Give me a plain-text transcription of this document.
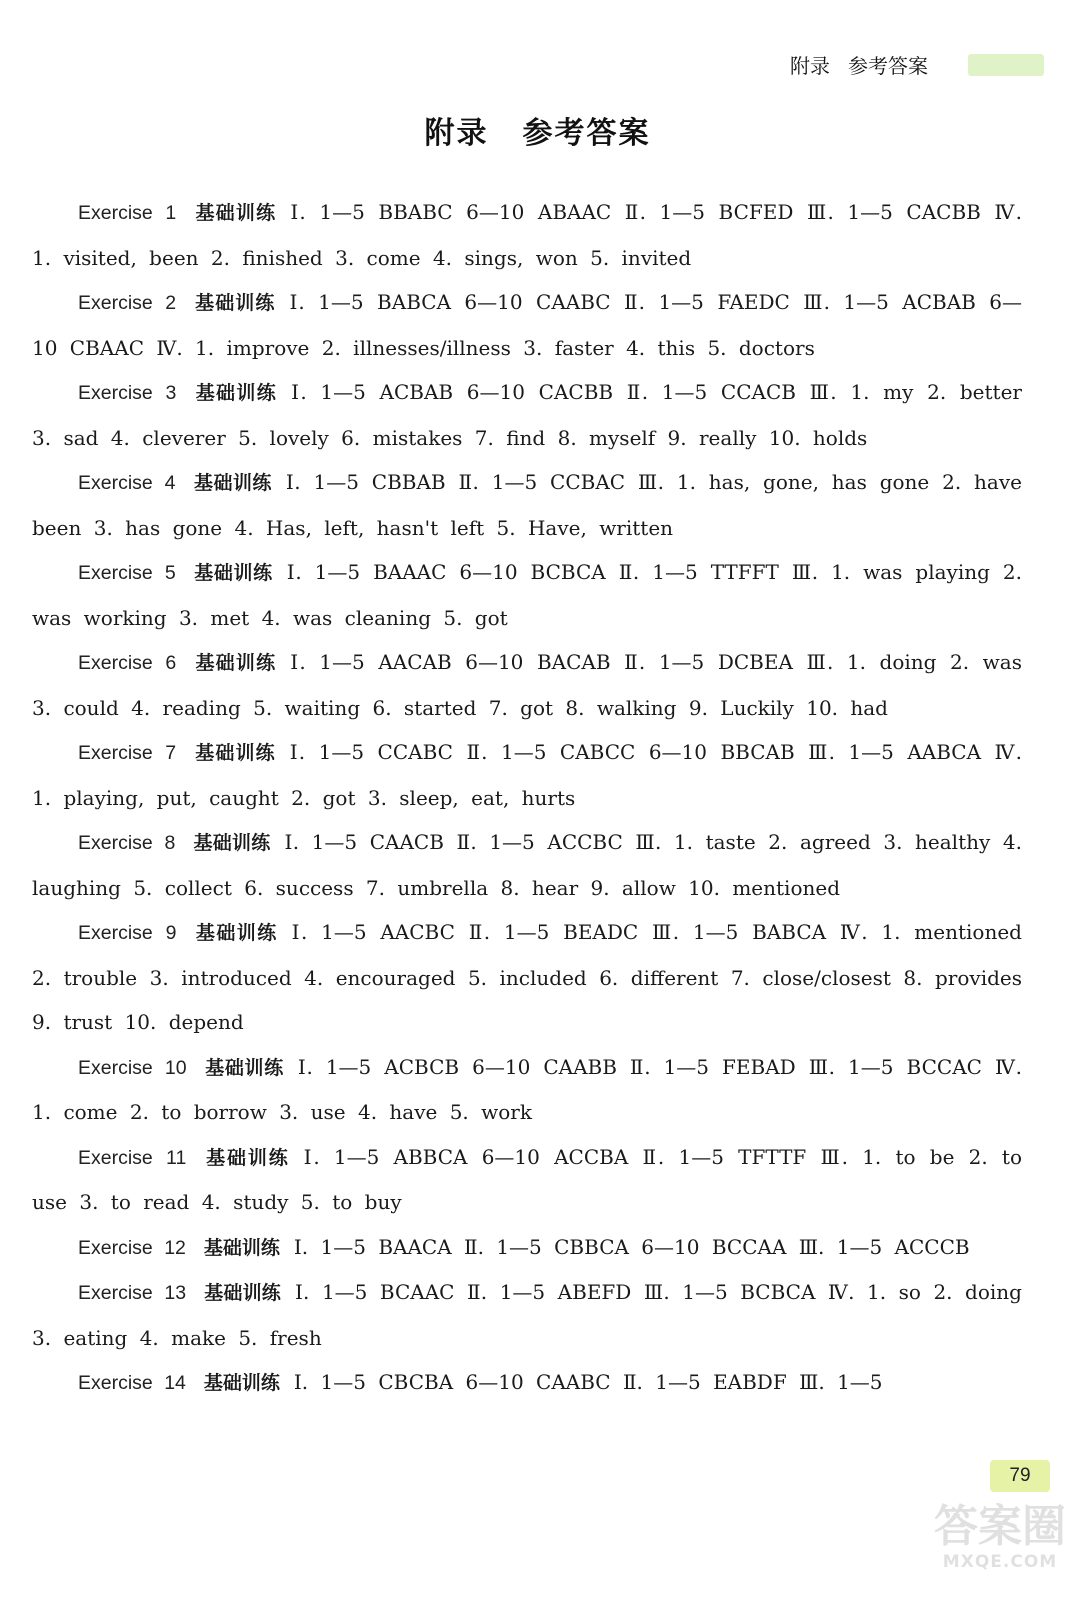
附录 参考答案
附录 参考答案
Exercise 1 基础训练 Ⅰ. 1—5 BBABC 6—10 ABAAC Ⅱ. 1—5 BCFED Ⅲ. 1—5 CACBB Ⅳ. 1. visited, been 2. finished 3. come 4. sings, won 5. invited
Exercise 2 基础训练 Ⅰ. 1—5 BABCA 6—10 CAABC Ⅱ. 1—5 FAEDC Ⅲ. 1—5 ACBAB 6—10 CBAAC Ⅳ. 1. improve 2. illnesses/illness 3. faster 4. this 5. doctors
Exercise 3 基础训练 Ⅰ. 1—5 ACBAB 6—10 CACBB Ⅱ. 1—5 CCACB Ⅲ. 1. my 2. better 3. sad 4. cleverer 5. lovely 6. mistakes 7. find 8. myself 9. really 10. holds
Exercise 4 基础训练 Ⅰ. 1—5 CBBAB Ⅱ. 1—5 CCBAC Ⅲ. 1. has, gone, has gone 2. have been 3. has gone 4. Has, left, hasn't left 5. Have, written
Exercise 5 基础训练 Ⅰ. 1—5 BAAAC 6—10 BCBCA Ⅱ. 1—5 TTFFT Ⅲ. 1. was playing 2. was working 3. met 4. was cleaning 5. got
Exercise 6 基础训练 Ⅰ. 1—5 AACAB 6—10 BACAB Ⅱ. 1—5 DCBEA Ⅲ. 1. doing 2. was 3. could 4. reading 5. waiting 6. started 7. got 8. walking 9. Luckily 10. had
Exercise 7 基础训练 Ⅰ. 1—5 CCABC Ⅱ. 1—5 CABCC 6—10 BBCAB Ⅲ. 1—5 AABCA Ⅳ. 1. playing, put, caught 2. got 3. sleep, eat, hurts
Exercise 8 基础训练 Ⅰ. 1—5 CAACB Ⅱ. 1—5 ACCBC Ⅲ. 1. taste 2. agreed 3. healthy 4. laughing 5. collect 6. success 7. umbrella 8. hear 9. allow 10. mentioned
Exercise 9 基础训练 Ⅰ. 1—5 AACBC Ⅱ. 1—5 BEADC Ⅲ. 1—5 BABCA Ⅳ. 1. mentioned 2. trouble 3. introduced 4. encouraged 5. included 6. different 7. close/closest 8. provides 9. trust 10. depend
Exercise 10 基础训练 Ⅰ. 1—5 ACBCB 6—10 CAABB Ⅱ. 1—5 FEBAD Ⅲ. 1—5 BCCAC Ⅳ. 1. come 2. to borrow 3. use 4. have 5. work
Exercise 11 基础训练 Ⅰ. 1—5 ABBCA 6—10 ACCBA Ⅱ. 1—5 TFTTF Ⅲ. 1. to be 2. to use 3. to read 4. study 5. to buy
Exercise 12 基础训练 Ⅰ. 1—5 BAACA Ⅱ. 1—5 CBBCA 6—10 BCCAA Ⅲ. 1—5 ACCCB
Exercise 13 基础训练 Ⅰ. 1—5 BCAAC Ⅱ. 1—5 ABEFD Ⅲ. 1—5 BCBCA Ⅳ. 1. so 2. doing 3. eating 4. make 5. fresh
Exercise 14 基础训练 Ⅰ. 1—5 CBCBA 6—10 CAABC Ⅱ. 1—5 EABDF Ⅲ. 1—5
79
答案圈
MXQE.COM
